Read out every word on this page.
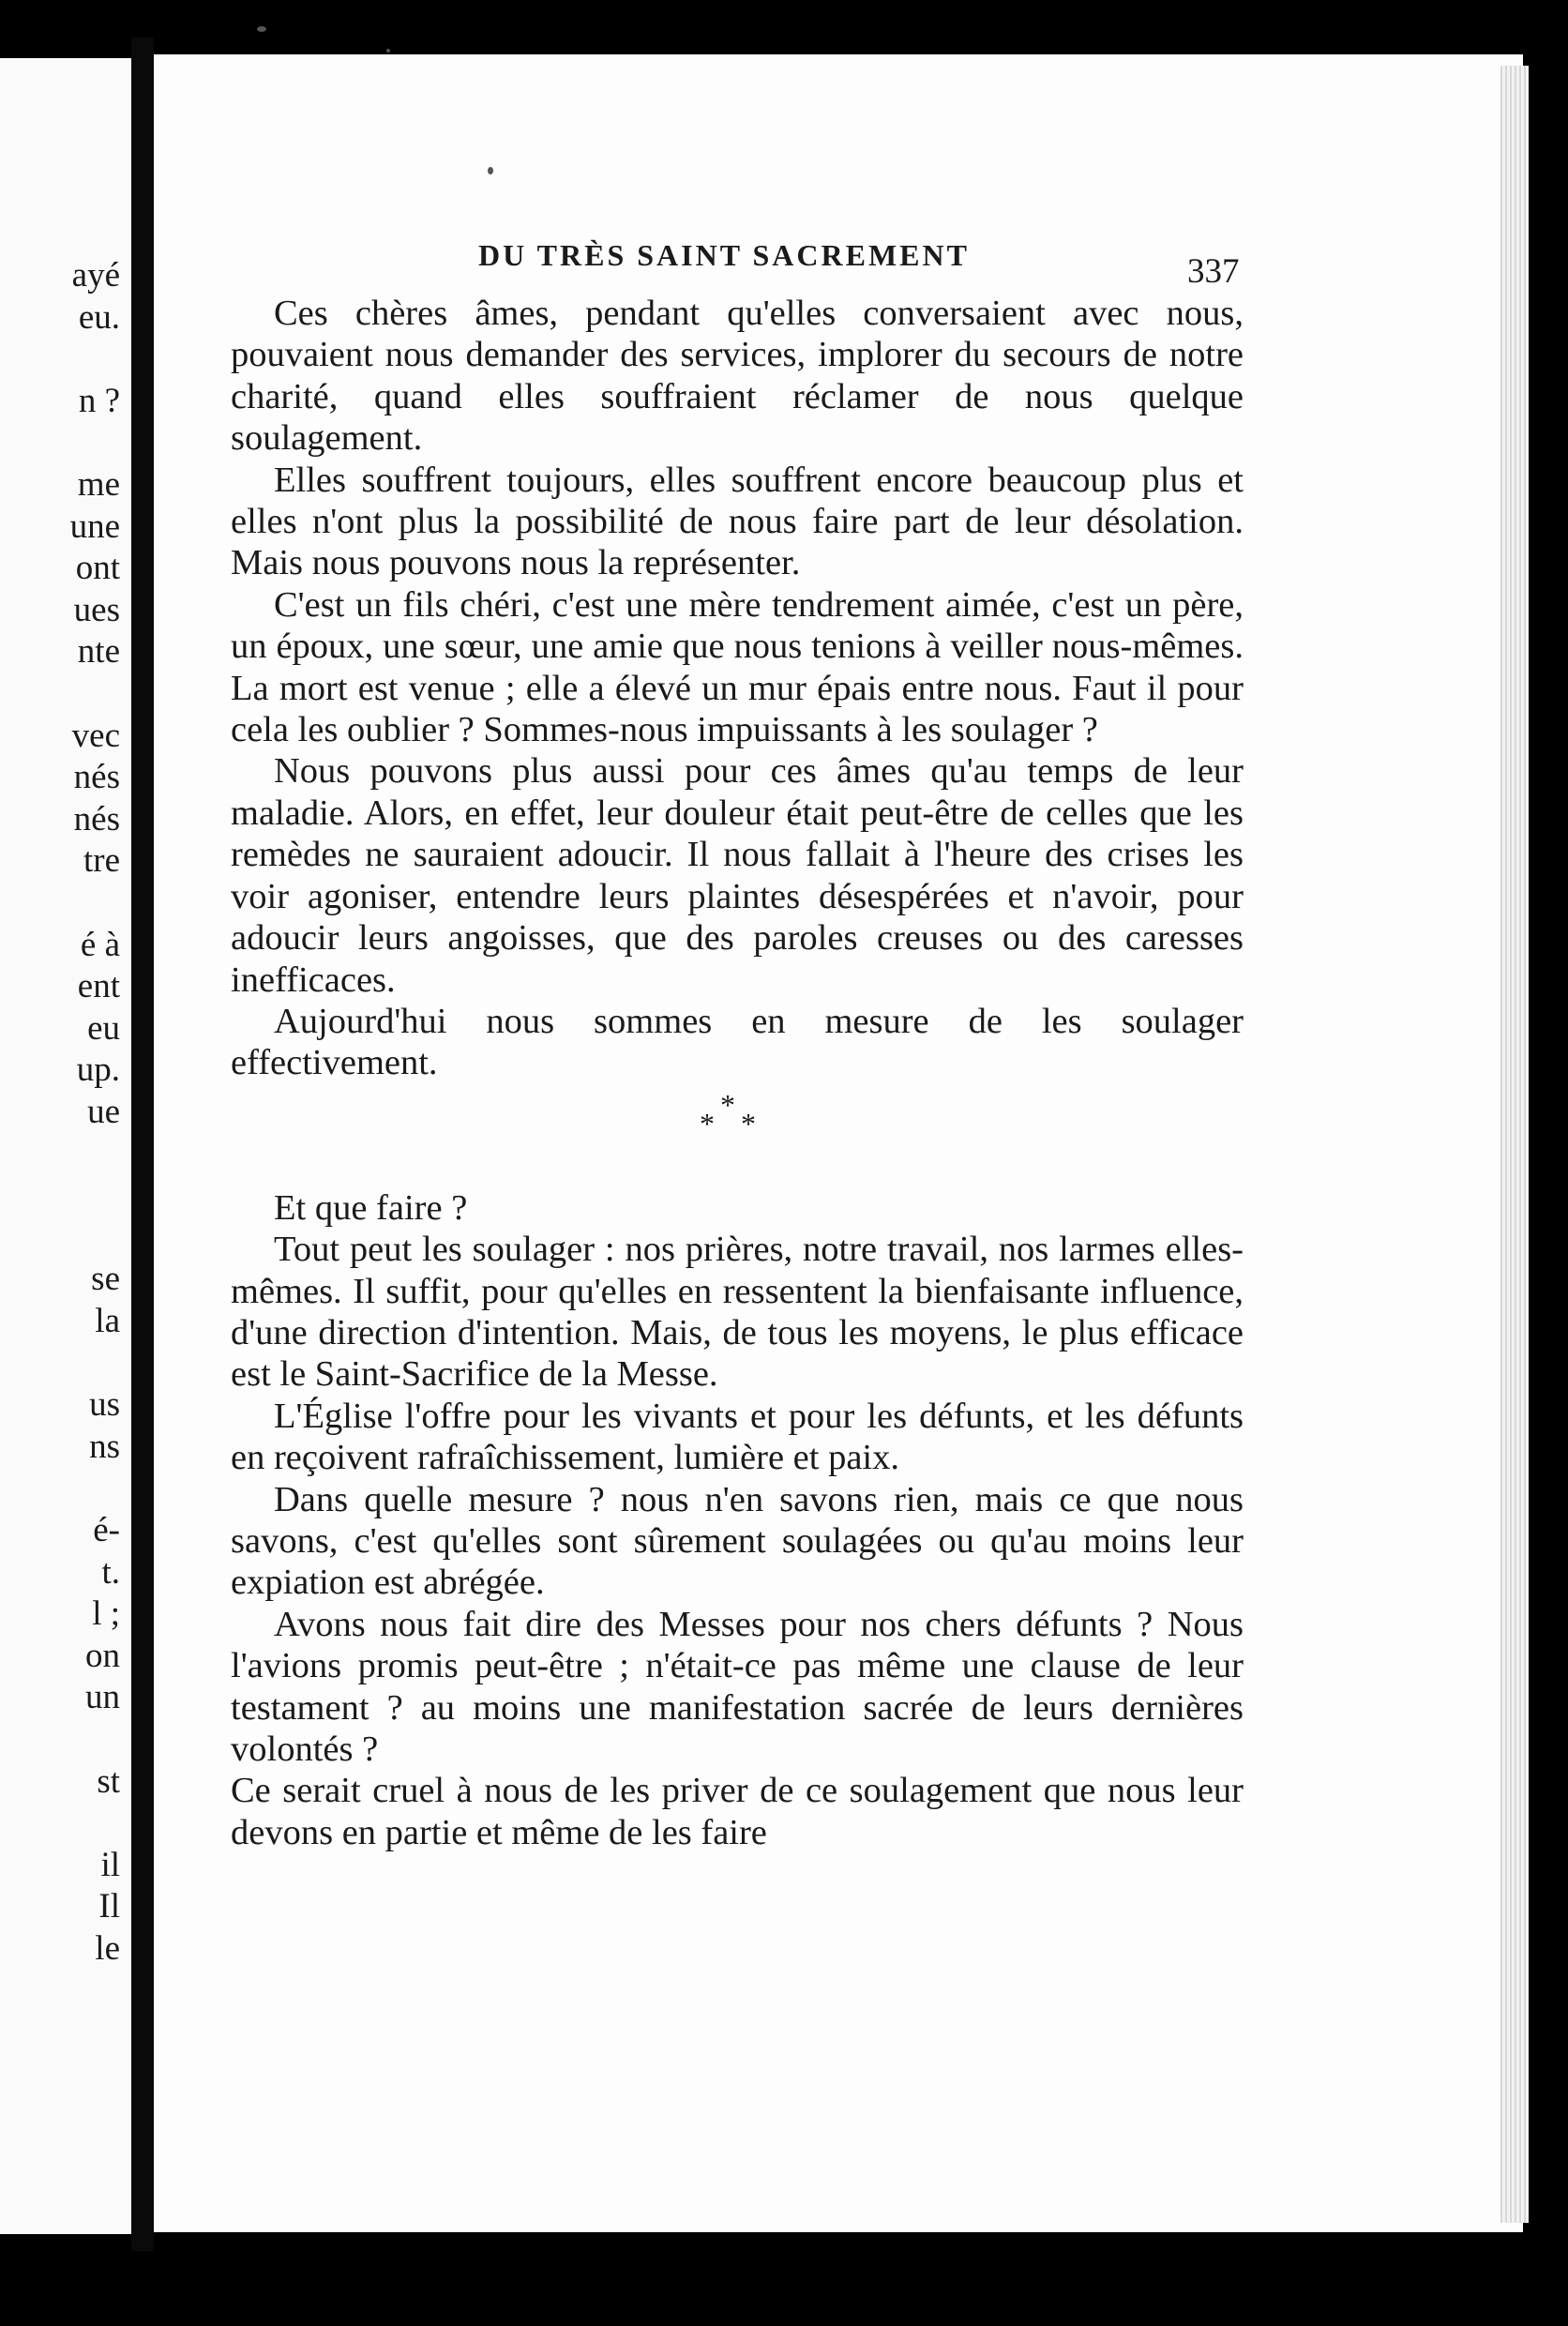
ayé
eu.
n ?
me
une
ont
ues
nte
vec
nés
nés
tre
é à
ent
eu
up.
ue
se
la
us
ns
é-
t.
l ;
on
un
st
il
Il
le
DU TRÈS SAINT SACREMENT	337

Ces chères âmes, pendant qu'elles conversaient avec nous, pouvaient nous demander des services, implorer du secours de notre charité, quand elles souffraient réclamer de nous quelque soulagement.

Elles souffrent toujours, elles souffrent encore beaucoup plus et elles n'ont plus la possibilité de nous faire part de leur désolation. Mais nous pouvons nous la représenter.

C'est un fils chéri, c'est une mère tendrement aimée, c'est un père, un époux, une sœur, une amie que nous tenions à veiller nous-mêmes. La mort est venue ; elle a élevé un mur épais entre nous. Faut il pour cela les oublier ? Sommes-nous impuissants à les soulager ?

Nous pouvons plus aussi pour ces âmes qu'au temps de leur maladie. Alors, en effet, leur douleur était peut-être de celles que les remèdes ne sauraient adoucir. Il nous fallait à l'heure des crises les voir agoniser, entendre leurs plaintes désespérées et n'avoir, pour adoucir leurs angoisses, que des paroles creuses ou des caresses inefficaces.

Aujourd'hui nous sommes en mesure de les soulager effectivement.

*
* *

Et que faire ?

Tout peut les soulager : nos prières, notre travail, nos larmes elles-mêmes. Il suffit, pour qu'elles en ressentent la bienfaisante influence, d'une direction d'intention. Mais, de tous les moyens, le plus efficace est le Saint-Sacrifice de la Messe.

L'Église l'offre pour les vivants et pour les défunts, et les défunts en reçoivent rafraîchissement, lumière et paix.

Dans quelle mesure ? nous n'en savons rien, mais ce que nous savons, c'est qu'elles sont sûrement soulagées ou qu'au moins leur expiation est abrégée.

Avons nous fait dire des Messes pour nos chers défunts ? Nous l'avions promis peut-être ; n'était-ce pas même une clause de leur testament ? au moins une manifestation sacrée de leurs dernières volontés ?

Ce serait cruel à nous de les priver de ce soulagement que nous leur devons en partie et même de les faire
